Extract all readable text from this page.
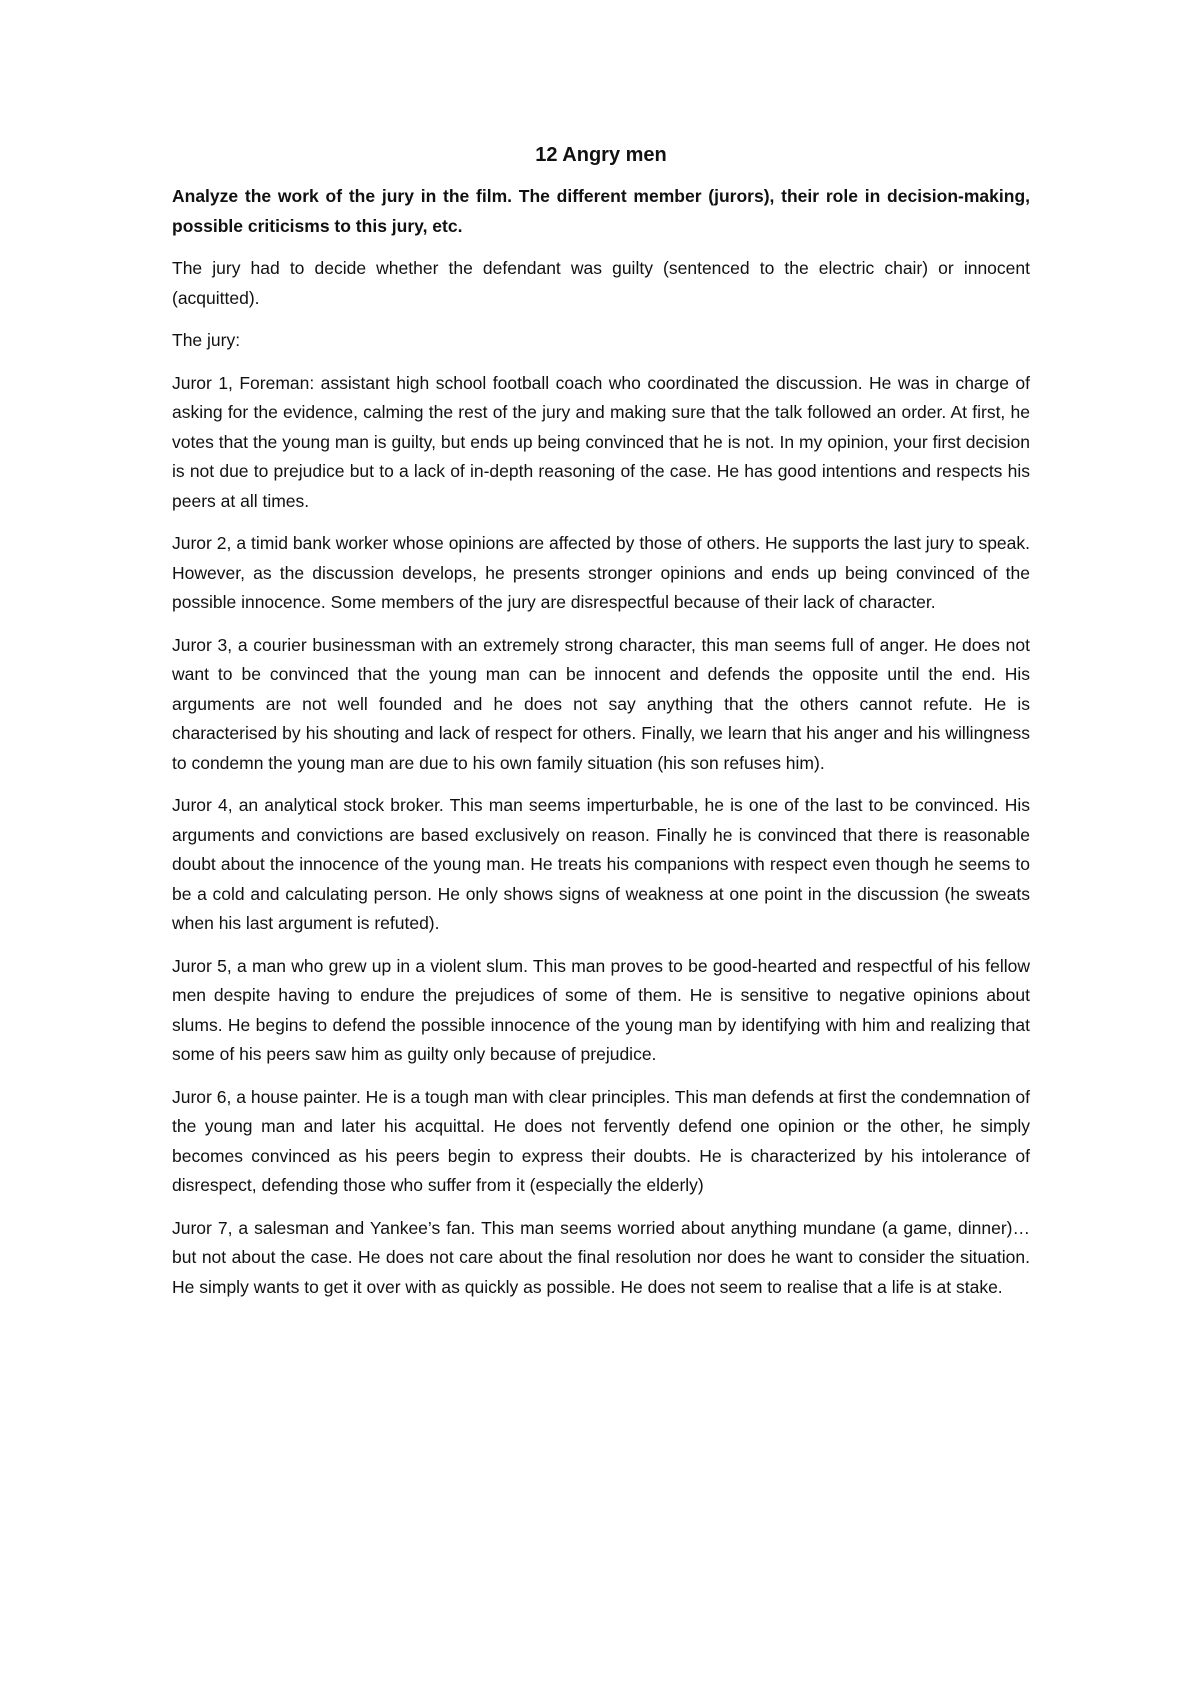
12 Angry men

Analyze the work of the jury in the film. The different member (jurors), their role in decision-making, possible criticisms to this jury, etc.

The jury had to decide whether the defendant was guilty (sentenced to the electric chair) or innocent (acquitted).

The jury:

Juror 1, Foreman: assistant high school football coach who coordinated the discussion. He was in charge of asking for the evidence, calming the rest of the jury and making sure that the talk followed an order. At first, he votes that the young man is guilty, but ends up being convinced that he is not. In my opinion, your first decision is not due to prejudice but to a lack of in-depth reasoning of the case. He has good intentions and respects his peers at all times.

Juror 2, a timid bank worker whose opinions are affected by those of others. He supports the last jury to speak. However, as the discussion develops, he presents stronger opinions and ends up being convinced of the possible innocence. Some members of the jury are disrespectful because of their lack of character.

Juror 3, a courier businessman with an extremely strong character, this man seems full of anger. He does not want to be convinced that the young man can be innocent and defends the opposite until the end. His arguments are not well founded and he does not say anything that the others cannot refute. He is characterised by his shouting and lack of respect for others. Finally, we learn that his anger and his willingness to condemn the young man are due to his own family situation (his son refuses him).

Juror 4, an analytical stock broker. This man seems imperturbable, he is one of the last to be convinced. His arguments and convictions are based exclusively on reason. Finally he is convinced that there is reasonable doubt about the innocence of the young man. He treats his companions with respect even though he seems to be a cold and calculating person. He only shows signs of weakness at one point in the discussion (he sweats when his last argument is refuted).

Juror 5, a man who grew up in a violent slum. This man proves to be good-hearted and respectful of his fellow men despite having to endure the prejudices of some of them. He is sensitive to negative opinions about slums. He begins to defend the possible innocence of the young man by identifying with him and realizing that some of his peers saw him as guilty only because of prejudice.

Juror 6, a house painter. He is a tough man with clear principles. This man defends at first the condemnation of the young man and later his acquittal. He does not fervently defend one opinion or the other, he simply becomes convinced as his peers begin to express their doubts. He is characterized by his intolerance of disrespect, defending those who suffer from it (especially the elderly)

Juror 7, a salesman and Yankee’s fan. This man seems worried about anything mundane (a game, dinner)… but not about the case. He does not care about the final resolution nor does he want to consider the situation. He simply wants to get it over with as quickly as possible. He does not seem to realise that a life is at stake.
